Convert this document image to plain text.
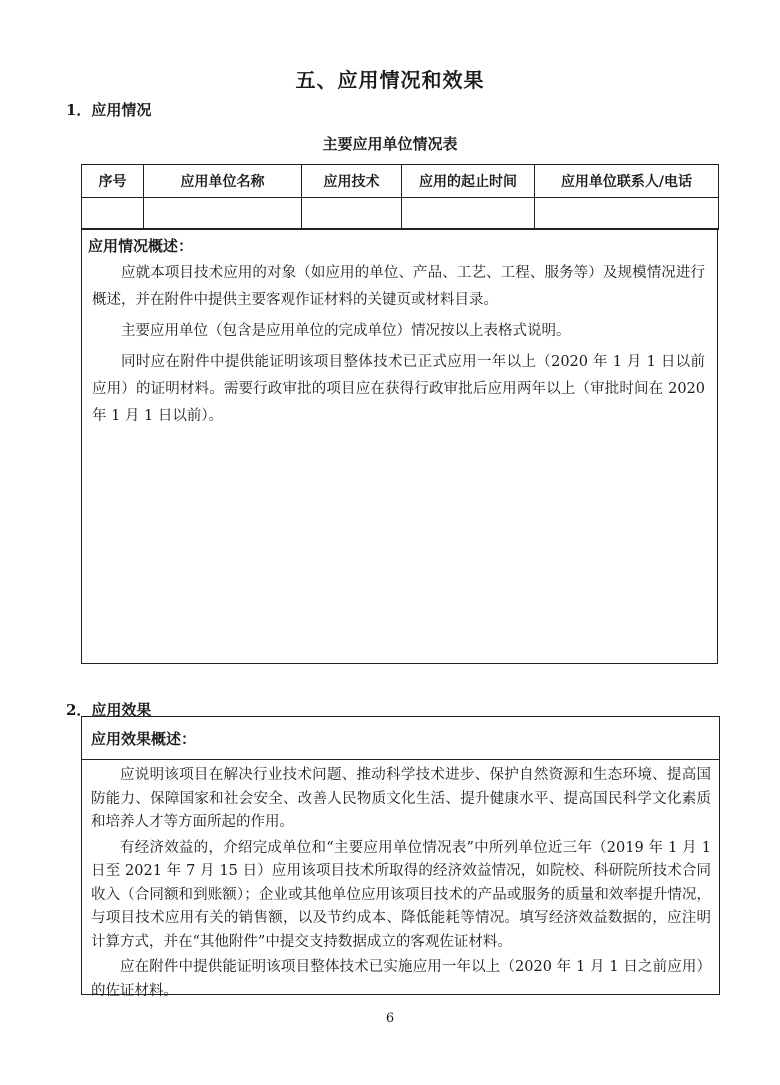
五、应用情况和效果
1．应用情况
主要应用单位情况表
序号	应用单位名称	应用技术	应用的起止时间	应用单位联系人/电话

应用情况概述：

应就本项目技术应用的对象（如应用的单位、产品、工艺、工程、服务等）及规模情况进行概述，并在附件中提供主要客观作证材料的关键页或材料目录。

主要应用单位（包含是应用单位的完成单位）情况按以上表格式说明。

同时应在附件中提供能证明该项目整体技术已正式应用一年以上（2020 年 1 月 1 日以前应用）的证明材料。需要行政审批的项目应在获得行政审批后应用两年以上（审批时间在 2020 年 1 月 1 日以前）。

2．应用效果
应用效果概述：

应说明该项目在解决行业技术问题、推动科学技术进步、保护自然资源和生态环境、提高国防能力、保障国家和社会安全、改善人民物质文化生活、提升健康水平、提高国民科学文化素质和培养人才等方面所起的作用。

有经济效益的，介绍完成单位和“主要应用单位情况表”中所列单位近三年（2019 年 1 月 1 日至 2021 年 7 月 15 日）应用该项目技术所取得的经济效益情况，如院校、科研院所技术合同收入（合同额和到账额）；企业或其他单位应用该项目技术的产品或服务的质量和效率提升情况，与项目技术应用有关的销售额，以及节约成本、降低能耗等情况。填写经济效益数据的，应注明计算方式，并在“其他附件”中提交支持数据成立的客观佐证材料。

应在附件中提供能证明该项目整体技术已实施应用一年以上（2020 年 1 月 1 日之前应用）的佐证材料。

6
